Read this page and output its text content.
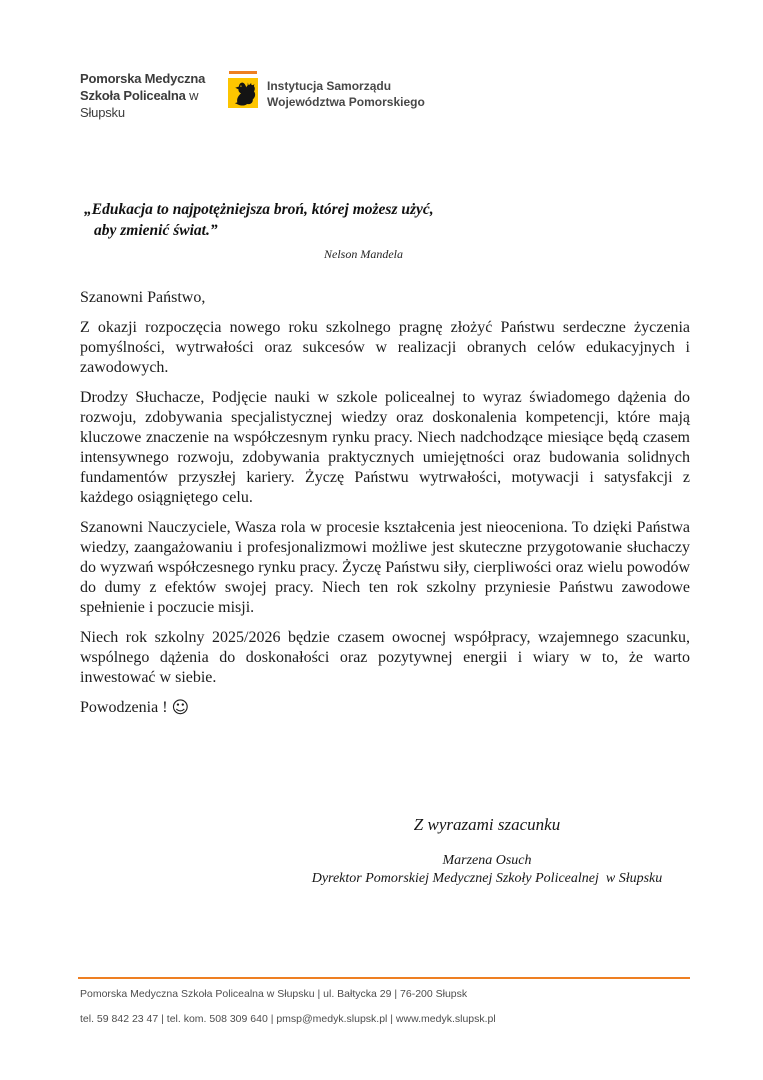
Pomorska Medyczna
Szkoła Policealna w Słupsku
Instytucja Samorządu
Województwa Pomorskiego
„Edukacja to najpotężniejsza broń, której możesz użyć,
aby zmienić świat.”
Nelson Mandela

Szanowni Państwo,

Z okazji rozpoczęcia nowego roku szkolnego pragnę złożyć Państwu serdeczne życzenia pomyślności, wytrwałości oraz sukcesów w realizacji obranych celów edukacyjnych i zawodowych.

Drodzy Słuchacze, Podjęcie nauki w szkole policealnej to wyraz świadomego dążenia do rozwoju, zdobywania specjalistycznej wiedzy oraz doskonalenia kompetencji, które mają kluczowe znaczenie na współczesnym rynku pracy. Niech nadchodzące miesiące będą czasem intensywnego rozwoju, zdobywania praktycznych umiejętności oraz budowania solidnych fundamentów przyszłej kariery. Życzę Państwu wytrwałości, motywacji i satysfakcji z każdego osiągniętego celu.

Szanowni Nauczyciele, Wasza rola w procesie kształcenia jest nieoceniona. To dzięki Państwa wiedzy, zaangażowaniu i profesjonalizmowi możliwe jest skuteczne przygotowanie słuchaczy do wyzwań współczesnego rynku pracy. Życzę Państwu siły, cierpliwości oraz wielu powodów do dumy z efektów swojej pracy. Niech ten rok szkolny przyniesie Państwu zawodowe spełnienie i poczucie misji.

Niech rok szkolny 2025/2026 będzie czasem owocnej współpracy, wzajemnego szacunku, wspólnego dążenia do doskonałości oraz pozytywnej energii i wiary w to, że warto inwestować w siebie.

Powodzenia ! ☺

Z wyrazami szacunku
Marzena Osuch
Dyrektor Pomorskiej Medycznej Szkoły Policealnej  w Słupsku
Pomorska Medyczna Szkoła Policealna w Słupsku | ul. Bałtycka 29 | 76-200 Słupsk
tel. 59 842 23 47 | tel. kom. 508 309 640 | pmsp@medyk.slupsk.pl | www.medyk.slupsk.pl
